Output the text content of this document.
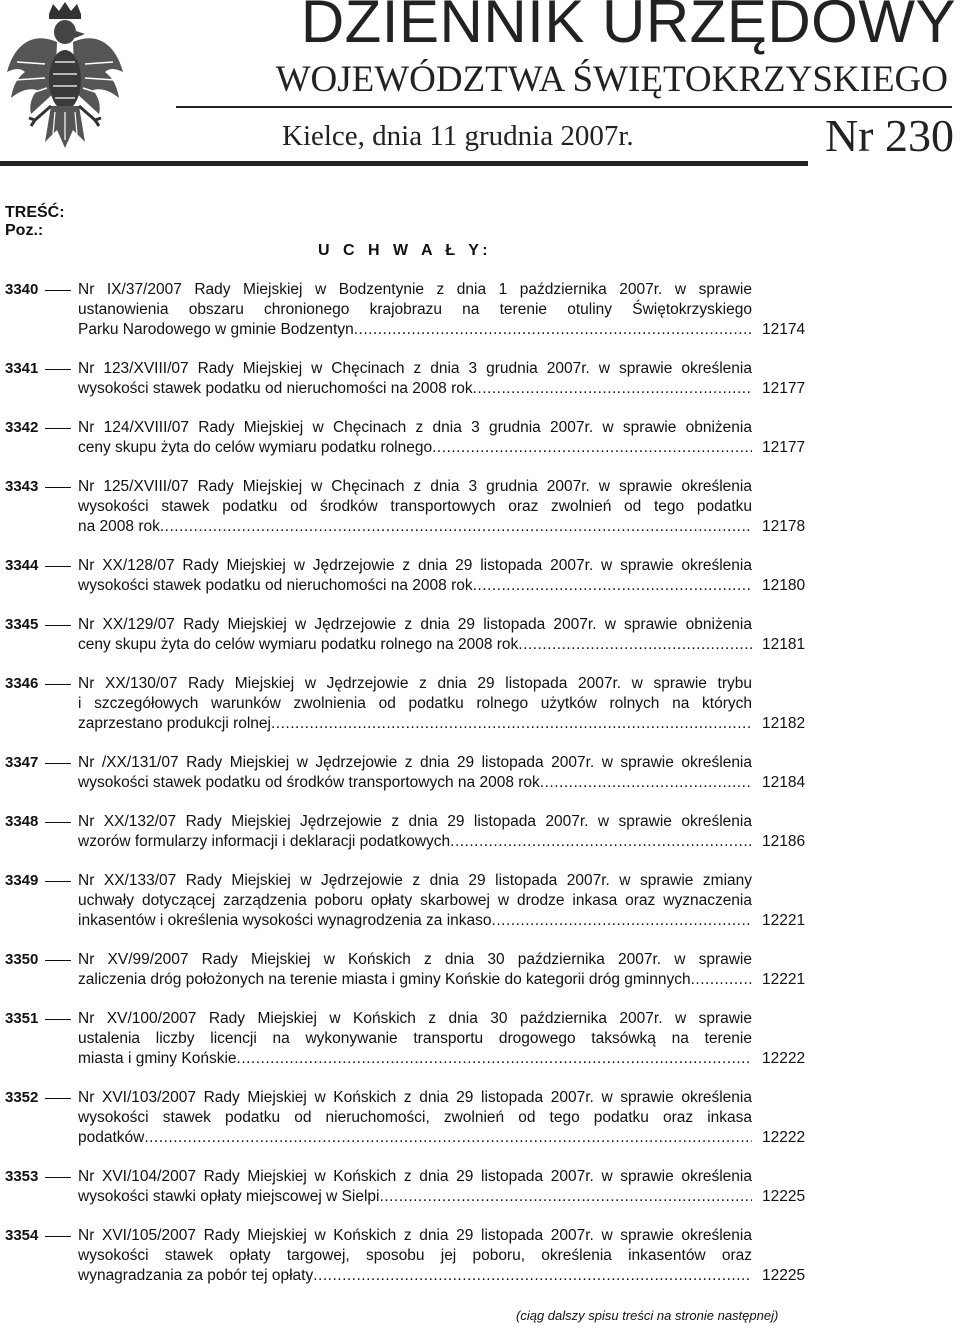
DZIENNIK URZĘDOWY
WOJEWÓDZTWA ŚWIĘTOKRZYSKIEGO
Kielce, dnia 11 grudnia 2007r.	Nr 230
TREŚĆ:
Poz.:
U C H W A Ł Y:
3340	Nr IX/37/2007 Rady Miejskiej w Bodzentynie z dnia 1 października 2007r. w sprawie
ustanowienia obszaru chronionego krajobrazu na terenie otuliny Świętokrzyskiego
Parku Narodowego w gminie Bodzentyn .....	12174
3341	Nr 123/XVIII/07 Rady Miejskiej w Chęcinach z dnia 3 grudnia 2007r. w sprawie określenia
wysokości stawek podatku od nieruchomości na 2008 rok .....	12177
3342	Nr 124/XVIII/07 Rady Miejskiej w Chęcinach z dnia 3 grudnia 2007r. w sprawie obniżenia
ceny skupu żyta do celów wymiaru podatku rolnego .....	12177
3343	Nr 125/XVIII/07 Rady Miejskiej w Chęcinach z dnia 3 grudnia 2007r. w sprawie określenia
wysokości stawek podatku od środków transportowych oraz zwolnień od tego podatku
na 2008 rok .....	12178
3344	Nr XX/128/07 Rady Miejskiej w Jędrzejowie z dnia 29 listopada 2007r. w sprawie określenia
wysokości stawek podatku od nieruchomości na 2008 rok .....	12180
3345	Nr XX/129/07 Rady Miejskiej w Jędrzejowie z dnia 29 listopada 2007r. w sprawie obniżenia
ceny skupu żyta do celów wymiaru podatku rolnego na 2008 rok .....	12181
3346	Nr XX/130/07 Rady Miejskiej w Jędrzejowie z dnia 29 listopada 2007r. w sprawie trybu
i szczegółowych warunków zwolnienia od podatku rolnego użytków rolnych na których
zaprzestano produkcji rolnej .....	12182
3347	Nr /XX/131/07 Rady Miejskiej w Jędrzejowie z dnia 29 listopada 2007r. w sprawie określenia
wysokości stawek podatku od środków transportowych na 2008 rok .....	12184
3348	Nr XX/132/07 Rady Miejskiej Jędrzejowie z dnia 29 listopada 2007r. w sprawie określenia
wzorów formularzy informacji i deklaracji podatkowych .....	12186
3349	Nr XX/133/07 Rady Miejskiej w Jędrzejowie z dnia 29 listopada 2007r. w sprawie zmiany
uchwały dotyczącej zarządzenia poboru opłaty skarbowej w drodze inkasa oraz wyznaczenia
inkasentów i określenia wysokości wynagrodzenia za inkaso .....	12221
3350	Nr XV/99/2007 Rady Miejskiej w Końskich z dnia 30 października 2007r. w sprawie
zaliczenia dróg położonych na terenie miasta i gminy Końskie do kategorii dróg gminnych .....	12221
3351	Nr XV/100/2007 Rady Miejskiej w Końskich z dnia 30 października 2007r. w sprawie
ustalenia liczby licencji na wykonywanie transportu drogowego taksówką na terenie
miasta i gminy Końskie .....	12222
3352	Nr XVI/103/2007 Rady Miejskiej w Końskich z dnia 29 listopada 2007r. w sprawie określenia
wysokości stawek podatku od nieruchomości, zwolnień od tego podatku oraz inkasa
podatków .....	12222
3353	Nr XVI/104/2007 Rady Miejskiej w Końskich z dnia 29 listopada 2007r. w sprawie określenia
wysokości stawki opłaty miejscowej w Sielpi .....	12225
3354	Nr XVI/105/2007 Rady Miejskiej w Końskich z dnia 29 listopada 2007r. w sprawie określenia
wysokości stawek opłaty targowej, sposobu jej poboru, określenia inkasentów oraz
wynagradzania za pobór tej opłaty .....	12225
(ciąg dalszy spisu treści na stronie następnej)
